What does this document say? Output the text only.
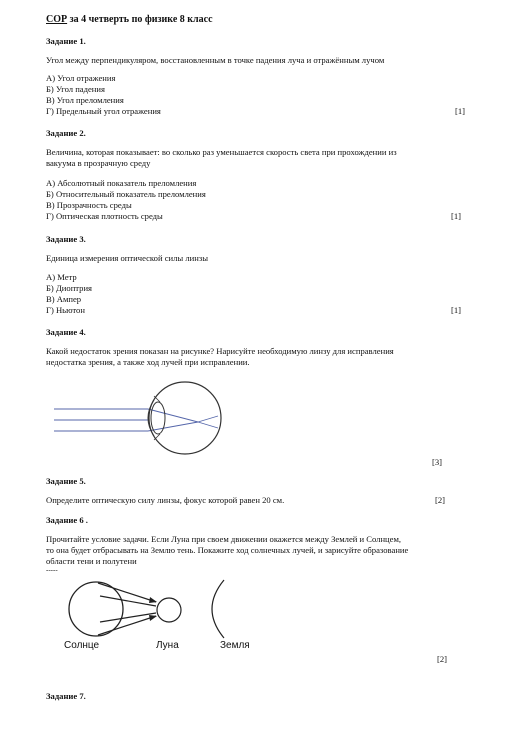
СОР за 4 четверть по физике 8 класс
Задание 1.
Угол между перпендикуляром, восстановленным в точке падения луча и отражённым лучом
А) Угол отражения
Б) Угол падения
В) Угол преломления
Г) Предельный угол отражения	[1]
Задание 2.
Величина, которая показывает: во сколько раз уменьшается скорость света при прохождении из
вакуума в прозрачную среду
А) Абсолютный показатель преломления
Б) Относительный показатель преломления
В) Прозрачность среды
Г) Оптическая плотность среды	[1]
Задание 3.
Единица измерения оптической силы линзы
А) Метр
Б) Диоптрия
В) Ампер
Г) Ньютон	[1]
Задание 4.
Какой недостаток зрения показан на рисунке? Нарисуйте необходимую линзу для исправления
недостатка зрения, а также ход лучей при исправлении.
[3]
Задание 5.
Определите оптическую силу линзы, фокус которой равен 20 см.	[2]
Задание 6 .
Прочитайте условие задачи. Если Луна при своем движении окажется между Землей и Солнцем,
то она будет отбрасывать на Землю тень. Покажите ход солнечных лучей, и зарисуйте образование
области тени и полутени
-----
Солнце	Луна	Земля
[2]
Задание 7.
